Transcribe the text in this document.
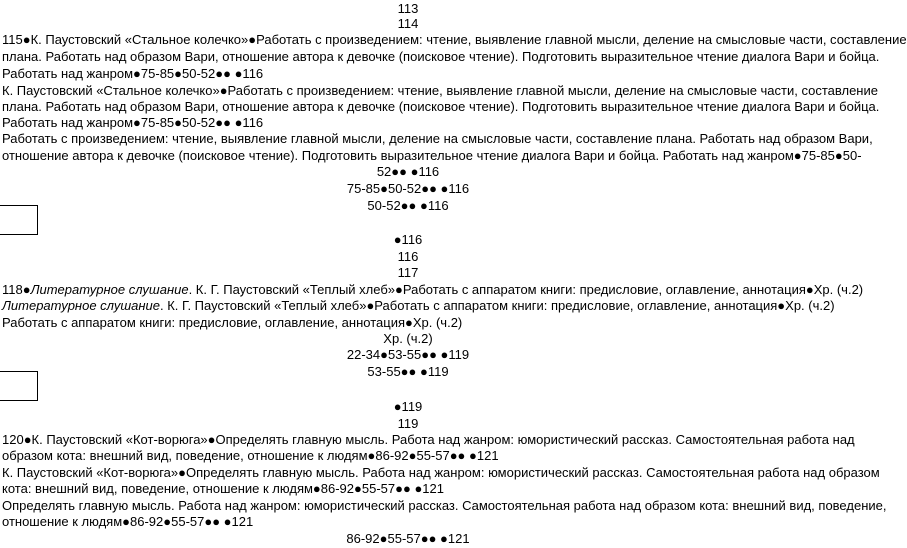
113
114
115●К. Паустовский «Стальное колечко»●Работать с произведением: чтение, выявление главной мысли, деление на смысловые части, составление
плана. Работать над образом Вари, отношение автора к девочке (поисковое чтение). Подготовить выразительное чтение диалога Вари и бойца.
Работать над жанром●75-85●50-52●● ●116
К. Паустовский «Стальное колечко»●Работать с произведением: чтение, выявление главной мысли, деление на смысловые части, составление
плана. Работать над образом Вари, отношение автора к девочке (поисковое чтение). Подготовить выразительное чтение диалога Вари и бойца.
Работать над жанром●75-85●50-52●● ●116
Работать с произведением: чтение, выявление главной мысли, деление на смысловые части, составление плана. Работать над образом Вари,
отношение автора к девочке (поисковое чтение). Подготовить выразительное чтение диалога Вари и бойца. Работать над жанром●75-85●50-
52●● ●116
75-85●50-52●● ●116
50-52●● ●116
●116
116
117
118●Литературное слушание. К. Г. Паустовский «Теплый хлеб»●Работать с аппаратом книги: предисловие, оглавление, аннотация●Хр. (ч.2)
Литературное слушание. К. Г. Паустовский «Теплый хлеб»●Работать с аппаратом книги: предисловие, оглавление, аннотация●Хр. (ч.2)
Работать с аппаратом книги: предисловие, оглавление, аннотация●Хр. (ч.2)
Хр. (ч.2)
22-34●53-55●● ●119
53-55●● ●119
●119
119
120●К. Паустовский «Кот-ворюга»●Определять главную мысль. Работа над жанром: юмористический рассказ. Самостоятельная работа над
образом кота: внешний вид, поведение, отношение к людям●86-92●55-57●● ●121
К. Паустовский «Кот-ворюга»●Определять главную мысль. Работа над жанром: юмористический рассказ. Самостоятельная работа над образом
кота: внешний вид, поведение, отношение к людям●86-92●55-57●● ●121
Определять главную мысль. Работа над жанром: юмористический рассказ. Самостоятельная работа над образом кота: внешний вид, поведение,
отношение к людям●86-92●55-57●● ●121
86-92●55-57●● ●121
